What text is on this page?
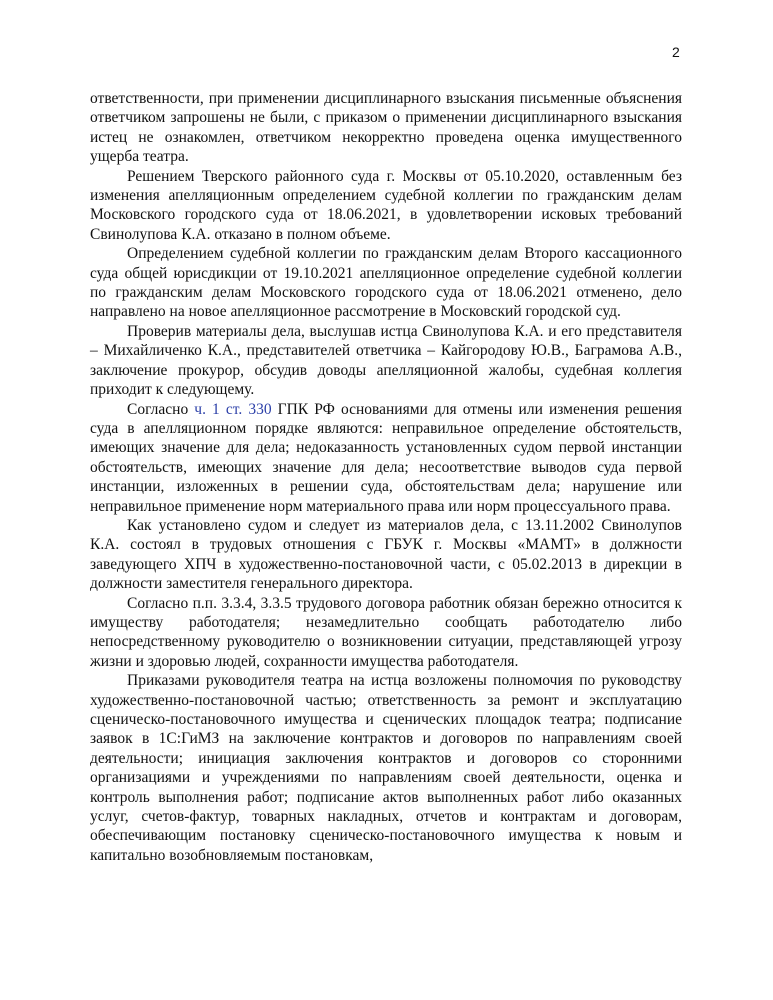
2

ответственности, при применении дисциплинарного взыскания письменные объяснения ответчиком запрошены не были, с приказом о применении дисциплинарного взыскания истец не ознакомлен, ответчиком некорректно проведена оценка имущественного ущерба театра.

Решением Тверского районного суда г. Москвы от 05.10.2020, оставленным без изменения апелляционным определением судебной коллегии по гражданским делам Московского городского суда от 18.06.2021, в удовлетворении исковых требований Свинолупова К.А. отказано в полном объеме.

Определением судебной коллегии по гражданским делам Второго кассационного суда общей юрисдикции от 19.10.2021 апелляционное определение судебной коллегии по гражданским делам Московского городского суда от 18.06.2021 отменено, дело направлено на новое апелляционное рассмотрение в Московский городской суд.

Проверив материалы дела, выслушав истца Свинолупова К.А. и его представителя – Михайличенко К.А., представителей ответчика – Кайгородову Ю.В., Баграмова А.В., заключение прокурор, обсудив доводы апелляционной жалобы, судебная коллегия приходит к следующему.

Согласно ч. 1 ст. 330 ГПК РФ основаниями для отмены или изменения решения суда в апелляционном порядке являются: неправильное определение обстоятельств, имеющих значение для дела; недоказанность установленных судом первой инстанции обстоятельств, имеющих значение для дела; несоответствие выводов суда первой инстанции, изложенных в решении суда, обстоятельствам дела; нарушение или неправильное применение норм материального права или норм процессуального права.

Как установлено судом и следует из материалов дела, с 13.11.2002 Свинолупов К.А. состоял в трудовых отношения с ГБУК г. Москвы «МАМТ» в должности заведующего ХПЧ в художественно-постановочной части, с 05.02.2013 в дирекции в должности заместителя генерального директора.

Согласно п.п. 3.3.4, 3.3.5 трудового договора работник обязан бережно относится к имуществу работодателя; незамедлительно сообщать работодателю либо непосредственному руководителю о возникновении ситуации, представляющей угрозу жизни и здоровью людей, сохранности имущества работодателя.

Приказами руководителя театра на истца возложены полномочия по руководству художественно-постановочной частью; ответственность за ремонт и эксплуатацию сценическо-постановочного имущества и сценических площадок театра; подписание заявок в 1С:ГиМЗ на заключение контрактов и договоров по направлениям своей деятельности; инициация заключения контрактов и договоров со сторонними организациями и учреждениями по направлениям своей деятельности, оценка и контроль выполнения работ; подписание актов выполненных работ либо оказанных услуг, счетов-фактур, товарных накладных, отчетов и контрактам и договорам, обеспечивающим постановку сценическо-постановочного имущества к новым и капитально возобновляемым постановкам,
